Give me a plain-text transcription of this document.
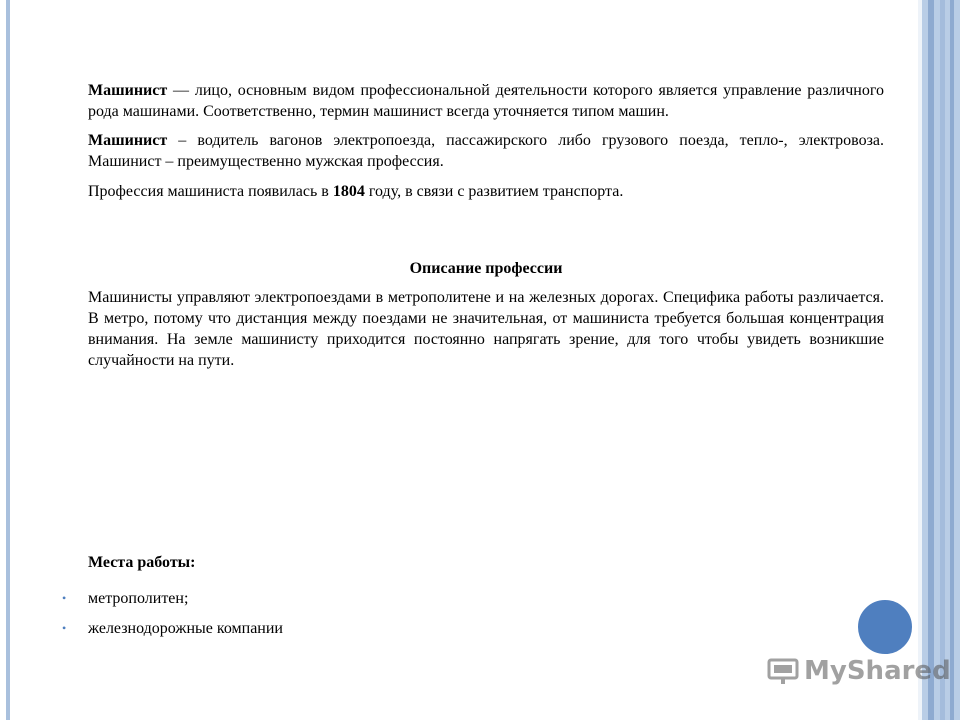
Машинист — лицо, основным видом профессиональной деятельности которого является управление различного рода машинами. Соответственно, термин машинист всегда уточняется типом машин.

Машинист – водитель вагонов электропоезда, пассажирского либо грузового поезда, тепло-, электровоза. Машинист – преимущественно мужская профессия.

Профессия машиниста появилась в 1804 году, в связи с развитием транспорта.

Описание профессии

Машинисты управляют электропоездами в метрополитене и на железных дорогах. Специфика работы различается. В метро, потому что дистанция между поездами не значительная, от машиниста требуется большая концентрация внимания. На земле машинисту приходится постоянно напрягать зрение, для того чтобы увидеть возникшие случайности на пути.

Места работы:
• метрополитен;
• железнодорожные компании
MyShared
